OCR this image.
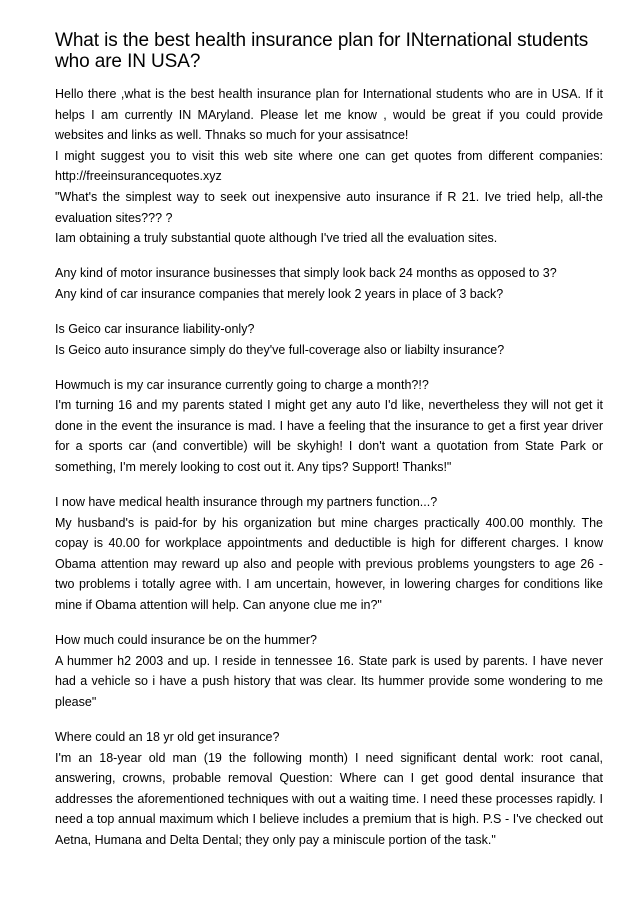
What is the best health insurance plan for INternational students who are IN USA?
Hello there ,what is the best health insurance plan for International students who are in USA. If it helps I am currently IN MAryland. Please let me know , would be great if you could provide websites and links as well. Thnaks so much for your assisatnce!
I might suggest you to visit this web site where one can get quotes from different companies: http://freeinsurancequotes.xyz
"What's the simplest way to seek out inexpensive auto insurance if R 21. Ive tried help, all-the evaluation sites??? ?
Iam obtaining a truly substantial quote although I've tried all the evaluation sites.
Any kind of motor insurance businesses that simply look back 24 months as opposed to 3?
Any kind of car insurance companies that merely look 2 years in place of 3 back?
Is Geico car insurance liability-only?
Is Geico auto insurance simply do they've full-coverage also or liabilty insurance?
Howmuch is my car insurance currently going to charge a month?!?
I'm turning 16 and my parents stated I might get any auto I'd like, nevertheless they will not get it done in the event the insurance is mad. I have a feeling that the insurance to get a first year driver for a sports car (and convertible) will be skyhigh! I don't want a quotation from State Park or something, I'm merely looking to cost out it. Any tips? Support! Thanks!"
I now have medical health insurance through my partners function...?
My husband's is paid-for by his organization but mine charges practically 400.00 monthly. The copay is 40.00 for workplace appointments and deductible is high for different charges. I know Obama attention may reward up also and people with previous problems youngsters to age 26 - two problems i totally agree with. I am uncertain, however, in lowering charges for conditions like mine if Obama attention will help. Can anyone clue me in?"
How much could insurance be on the hummer?
A hummer h2 2003 and up. I reside in tennessee 16. State park is used by parents. I have never had a vehicle so i have a push history that was clear. Its hummer provide some wondering to me please"
Where could an 18 yr old get insurance?
I'm an 18-year old man (19 the following month) I need significant dental work: root canal, answering, crowns, probable removal Question: Where can I get good dental insurance that addresses the aforementioned techniques with out a waiting time. I need these processes rapidly. I need a top annual maximum which I believe includes a premium that is high. P.S - I've checked out Aetna, Humana and Delta Dental; they only pay a miniscule portion of the task."
